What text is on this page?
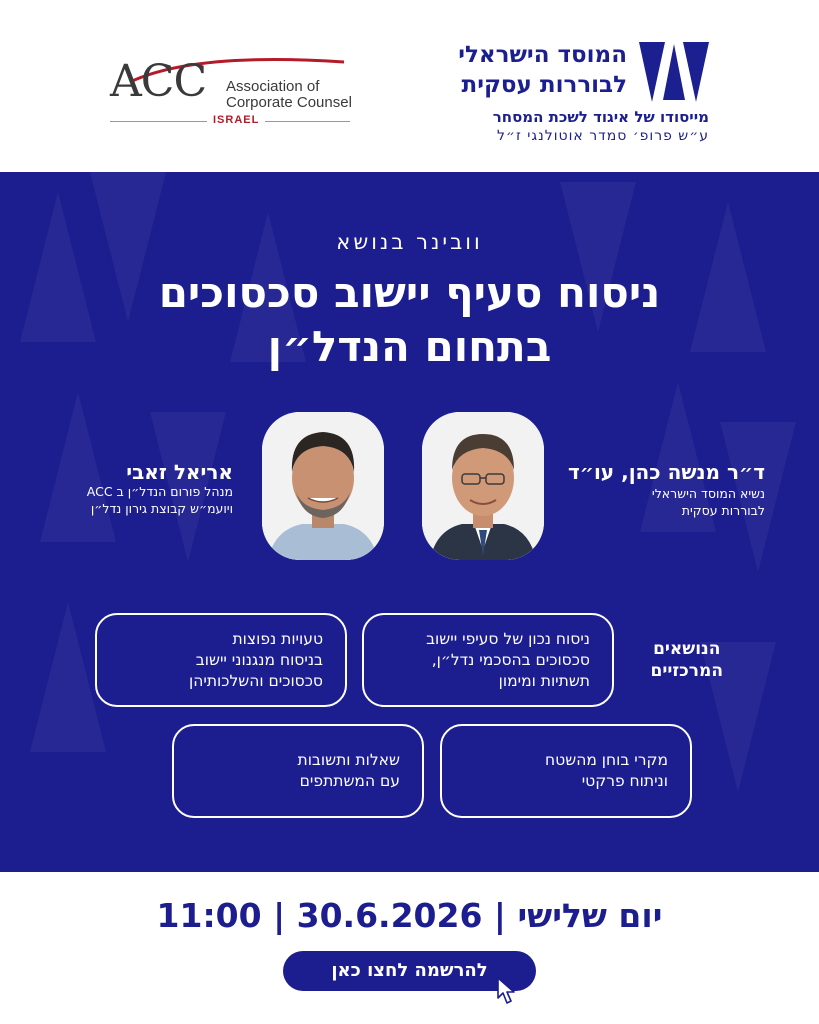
המוסד הישראלי
לבוררות עסקית
מייסודו של איגוד לשכת המסחר
ע״ש פרופ׳ סמדר אוטולנגי ז״ל
ACC Association of
Corporate Counsel
ISRAEL
וובינר בנושא
ניסוח סעיף יישוב סכסוכים
בתחום הנדל״ן
ד״ר מנשה כהן, עו״ד
נשיא המוסד הישראלי
לבוררות עסקית
אריאל זאבי
מנהל פורום הנדל״ן ב ACC
ויועמ״ש קבוצת גירון נדל״ן
הנושאים
המרכזיים
ניסוח נכון של סעיפי יישוב
סכסוכים בהסכמי נדל״ן,
תשתיות ומימון
טעויות נפוצות
בניסוח מנגנוני יישוב
סכסוכים והשלכותיהן
מקרי בוחן מהשטח
וניתוח פרקטי
שאלות ותשובות
עם המשתתפים
יום שלישי | 30.6.2026 | 11:00
להרשמה לחצו כאן
